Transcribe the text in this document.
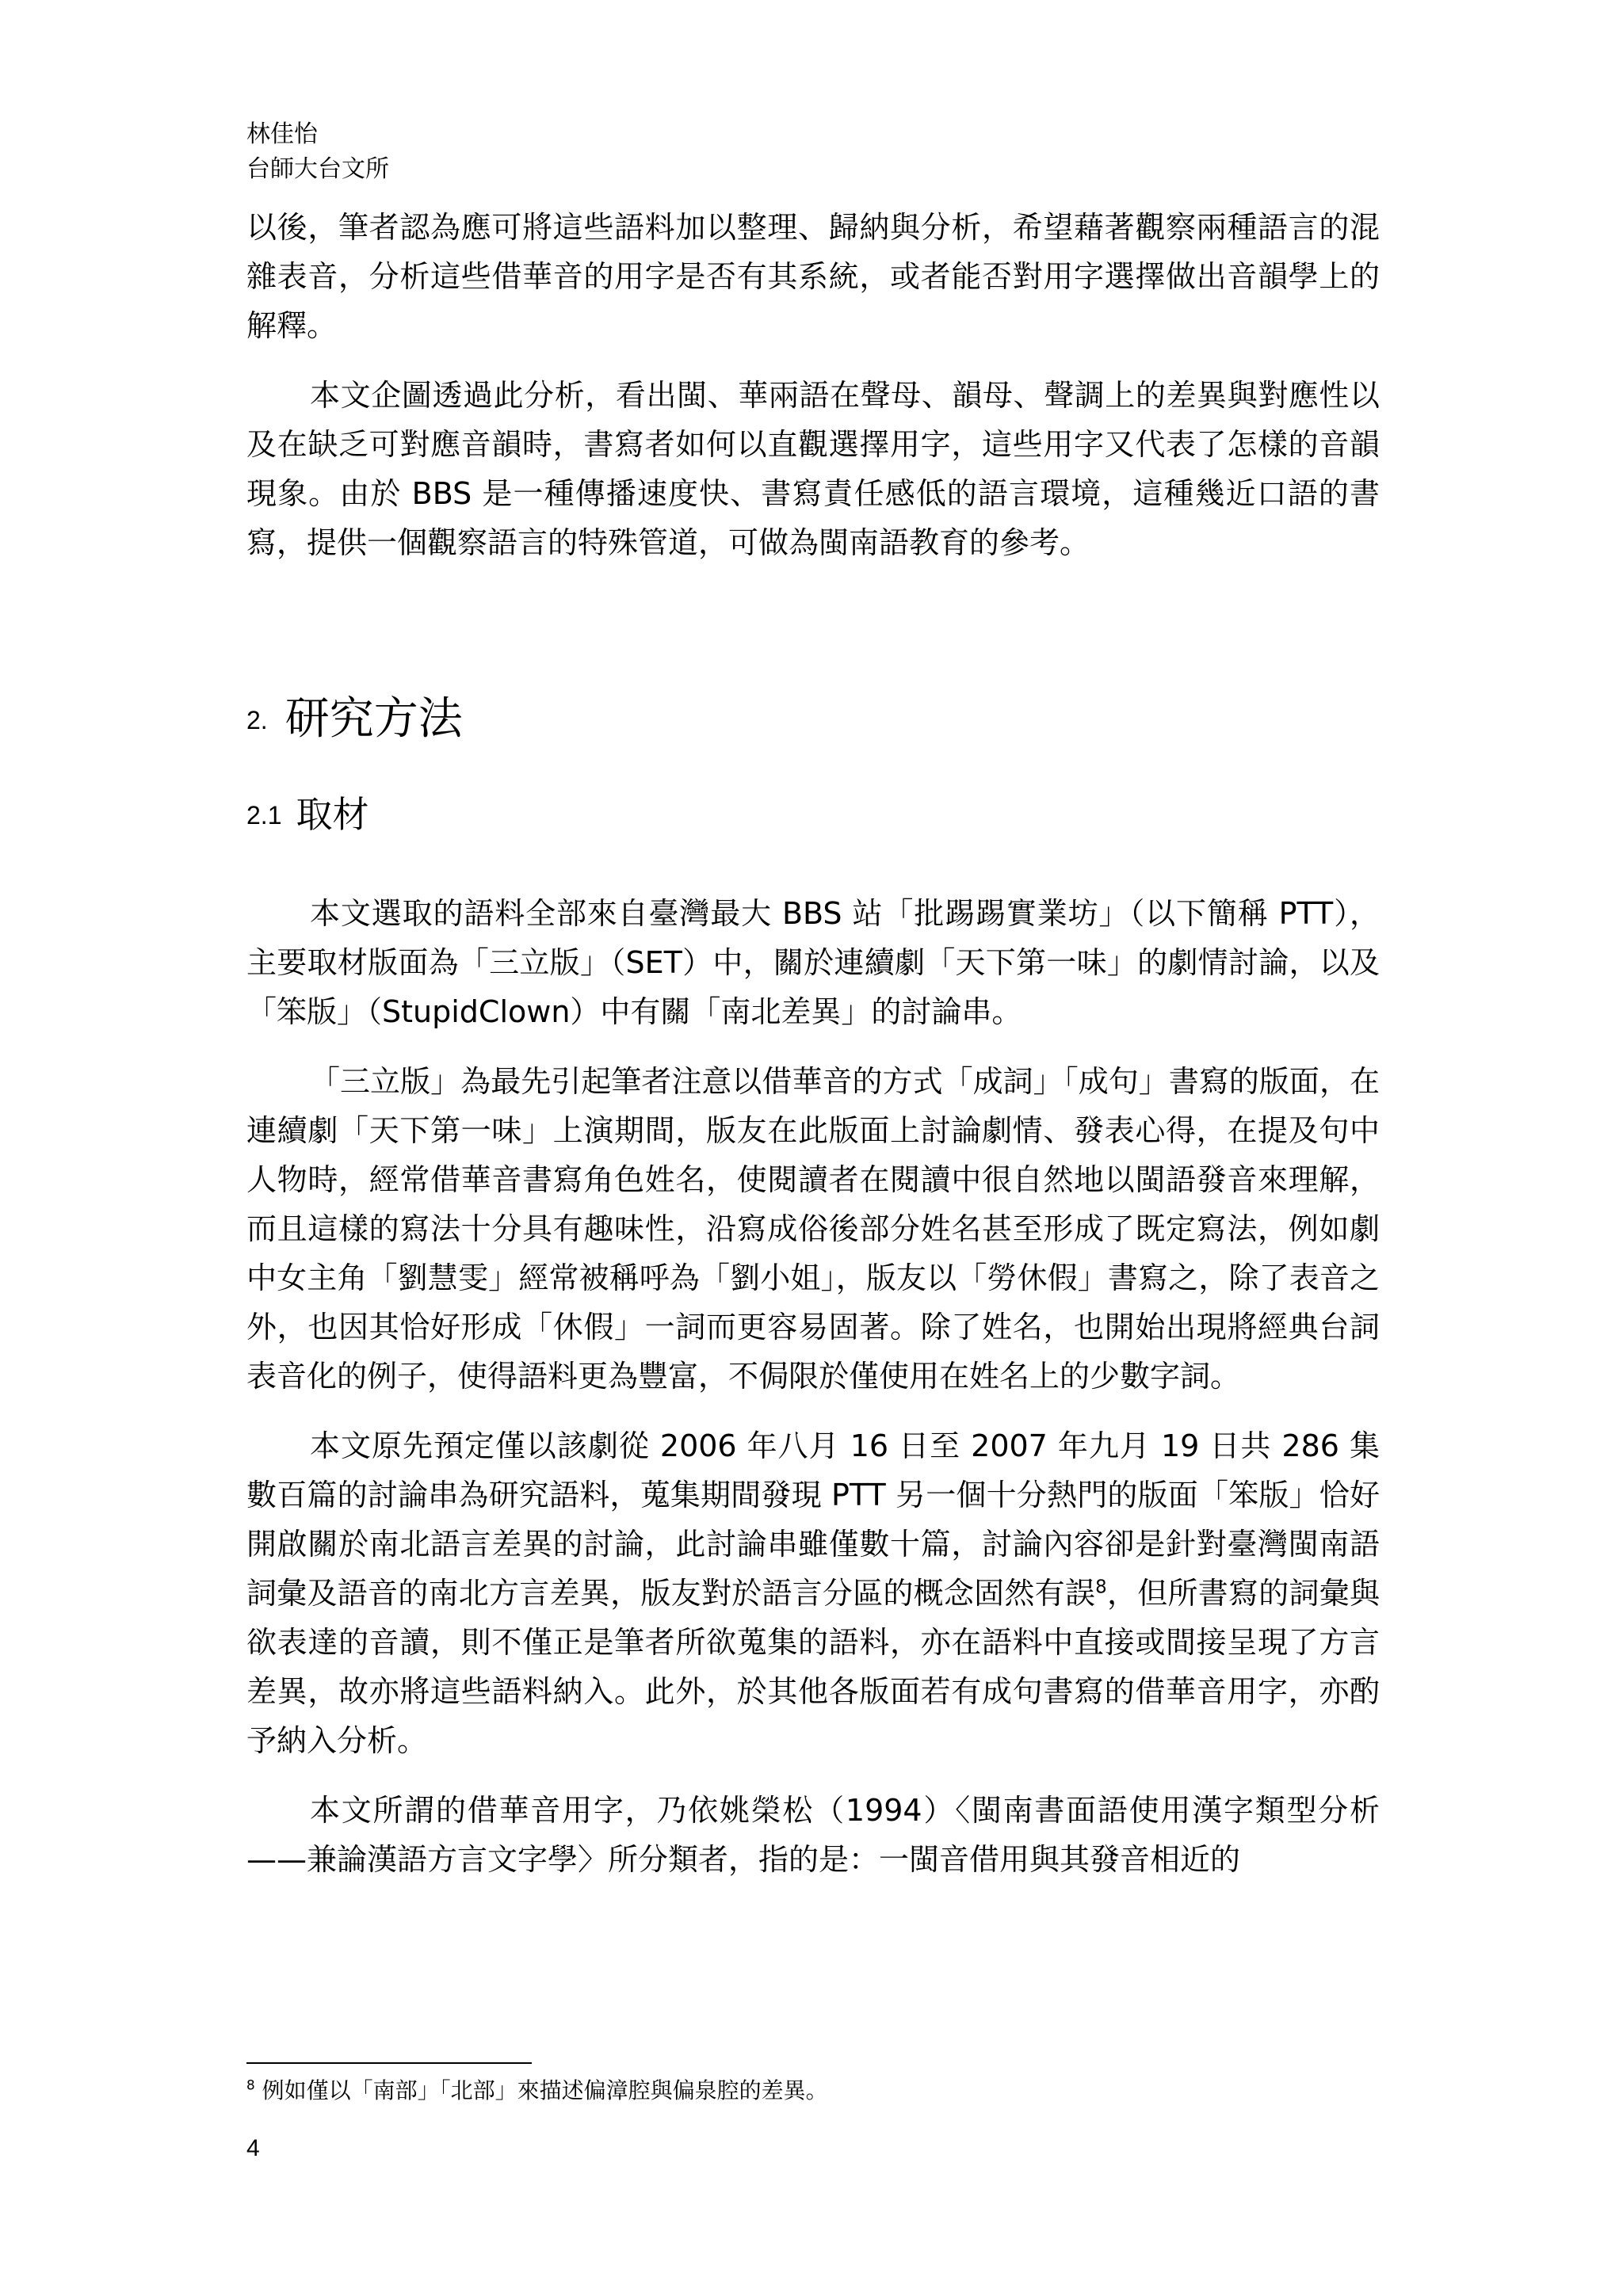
林佳怡
台師大台文所

以後，筆者認為應可將這些語料加以整理、歸納與分析，希望藉著觀察兩種語言的混雜表音，分析這些借華音的用字是否有其系統，或者能否對用字選擇做出音韻學上的解釋。

本文企圖透過此分析，看出閩、華兩語在聲母、韻母、聲調上的差異與對應性以及在缺乏可對應音韻時，書寫者如何以直觀選擇用字，這些用字又代表了怎樣的音韻現象。由於 BBS 是一種傳播速度快、書寫責任感低的語言環境，這種幾近口語的書寫，提供一個觀察語言的特殊管道，可做為閩南語教育的參考。

2. 研究方法
2.1 取材

本文選取的語料全部來自臺灣最大 BBS 站「批踢踢實業坊」（以下簡稱 PTT），主要取材版面為「三立版」（SET）中，關於連續劇「天下第一味」的劇情討論，以及「笨版」（StupidClown）中有關「南北差異」的討論串。

「三立版」為最先引起筆者注意以借華音的方式「成詞」「成句」書寫的版面，在連續劇「天下第一味」上演期間，版友在此版面上討論劇情、發表心得，在提及句中人物時，經常借華音書寫角色姓名，使閱讀者在閱讀中很自然地以閩語發音來理解，而且這樣的寫法十分具有趣味性，沿寫成俗後部分姓名甚至形成了既定寫法，例如劇中女主角「劉慧雯」經常被稱呼為「劉小姐」，版友以「勞休假」書寫之，除了表音之外，也因其恰好形成「休假」一詞而更容易固著。除了姓名，也開始出現將經典台詞表音化的例子，使得語料更為豐富，不侷限於僅使用在姓名上的少數字詞。

本文原先預定僅以該劇從 2006 年八月 16 日至 2007 年九月 19 日共 286 集數百篇的討論串為研究語料，蒐集期間發現 PTT 另一個十分熱門的版面「笨版」恰好開啟關於南北語言差異的討論，此討論串雖僅數十篇，討論內容卻是針對臺灣閩南語詞彙及語音的南北方言差異，版友對於語言分區的概念固然有誤$^8$，但所書寫的詞彙與欲表達的音讀，則不僅正是筆者所欲蒐集的語料，亦在語料中直接或間接呈現了方言差異，故亦將這些語料納入。此外，於其他各版面若有成句書寫的借華音用字，亦酌予納入分析。

本文所謂的借華音用字，乃依姚榮松（1994）〈閩南書面語使用漢字類型分析——兼論漢語方言文字學〉所分類者，指的是：一閩音借用與其發音相近的

$^8$ 例如僅以「南部」「北部」來描述偏漳腔與偏泉腔的差異。
4
